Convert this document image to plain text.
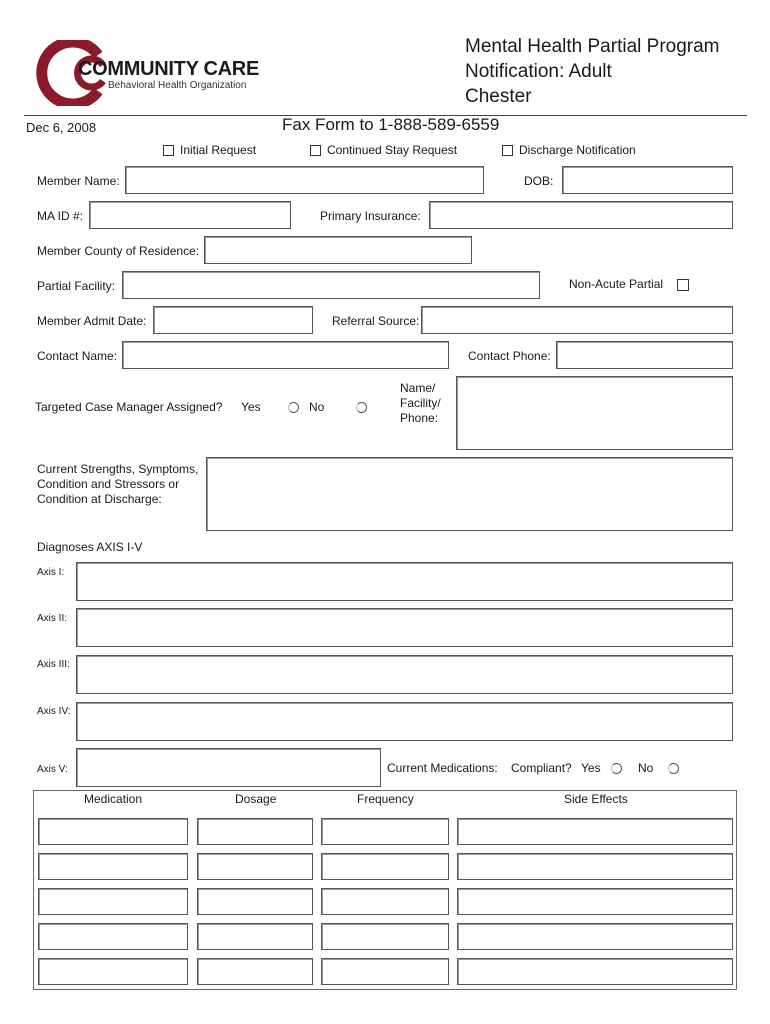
COMMUNITY CARE
Behavioral Health Organization
Mental Health Partial Program
Notification: Adult
Chester
Dec 6, 2008	Fax Form to 1-888-589-6559
Initial Request	Continued Stay Request	Discharge Notification
Member Name:	DOB:
MA ID #:	Primary Insurance:
Member County of Residence:
Partial Facility:	Non-Acute Partial
Member Admit Date:	Referral Source:
Contact Name:	Contact Phone:
Targeted Case Manager Assigned? Yes	No
Name/
Facility/
Phone:
Current Strengths, Symptoms,
Condition and Stressors or
Condition at Discharge:
Diagnoses AXIS I-V
Axis I:
Axis II:
Axis III:
Axis IV:
Axis V:	Current Medications: Compliant? Yes	No
Medication	Dosage	Frequency	Side Effects
